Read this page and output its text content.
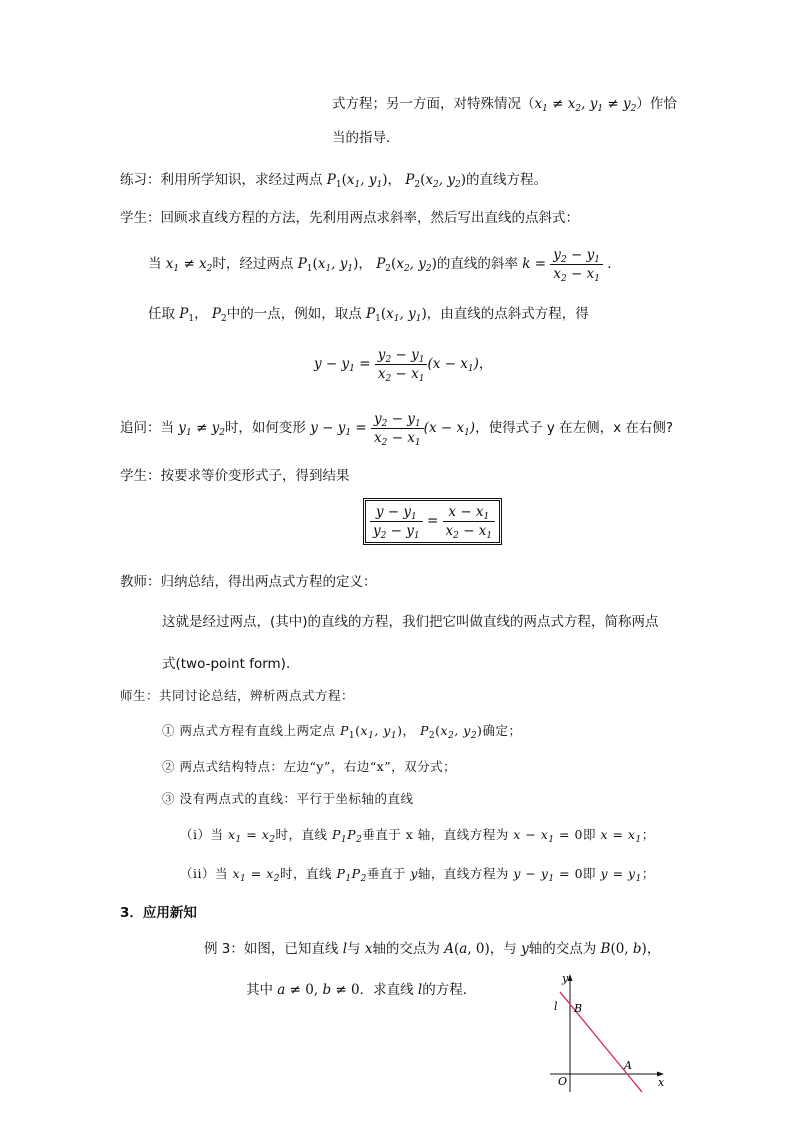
式方程；另一方面，对特殊情况（$x_1 \ne x_2$, $y_1 \ne y_2$）作恰
当的指导.
练习：利用所学知识，求经过两点 $P_1(x_1$, $y_1$)， $P_2(x_2$, $y_2$)的直线方程。
学生：回顾求直线方程的方法，先利用两点求斜率，然后写出直线的点斜式：
当 $x_1 \ne x_2$时，经过两点 $P_1(x_1$, $y_1$)， $P_2(x_2$, $y_2$)的直线的斜率 $k = \frac{y_2 - y_1}{x_2 - x_1}$ .
任取 $P_1$， $P_2$中的一点，例如，取点 $P_1(x_1$, $y_1$)，由直线的点斜式方程，得
$y - y_1 = \frac{y_2 - y_1}{x_2 - x_1} (x - x_1)$，
追问：当 $y_1 \ne y_2$时，如何变形 $y - y_1 = \frac{y_2 - y_1}{x_2 - x_1} (x - x_1)$，使得式子 y 在左侧，x 在右侧?
学生：按要求等价变形式子，得到结果
$\frac{y - y_1}{y_2 - y_1} = \frac{x - x_1}{x_2 - x_1}$
教师：归纳总结，得出两点式方程的定义：
这就是经过两点，(其中)的直线的方程，我们把它叫做直线的两点式方程，简称两点
式(two-point form).
师生：共同讨论总结，辨析两点式方程：
① 两点式方程有直线上两定点 $P_1(x_1$, $y_1$)， $P_2(x_2$, $y_2$)确定；
② 两点式结构特点：左边“y”，右边“x”，双分式；
③ 没有两点式的直线：平行于坐标轴的直线
（i）当 $x_1 = x_2$时，直线 $P_1P_2$垂直于 x 轴，直线方程为 $x - x_1 = 0$即 $x = x_1$；
（ii）当 $x_1 = x_2$时，直线 $P_1P_2$垂直于 y轴，直线方程为 $y - y_1 = 0$即 $y = y_1$；
3．应用新知
例 3：如图，已知直线 l与 x轴的交点为 A(a, 0)，与 y轴的交点为 B(0, b)，
其中 a ≠ 0, b ≠ 0．求直线 l的方程．
y
x
O
A
B
l
